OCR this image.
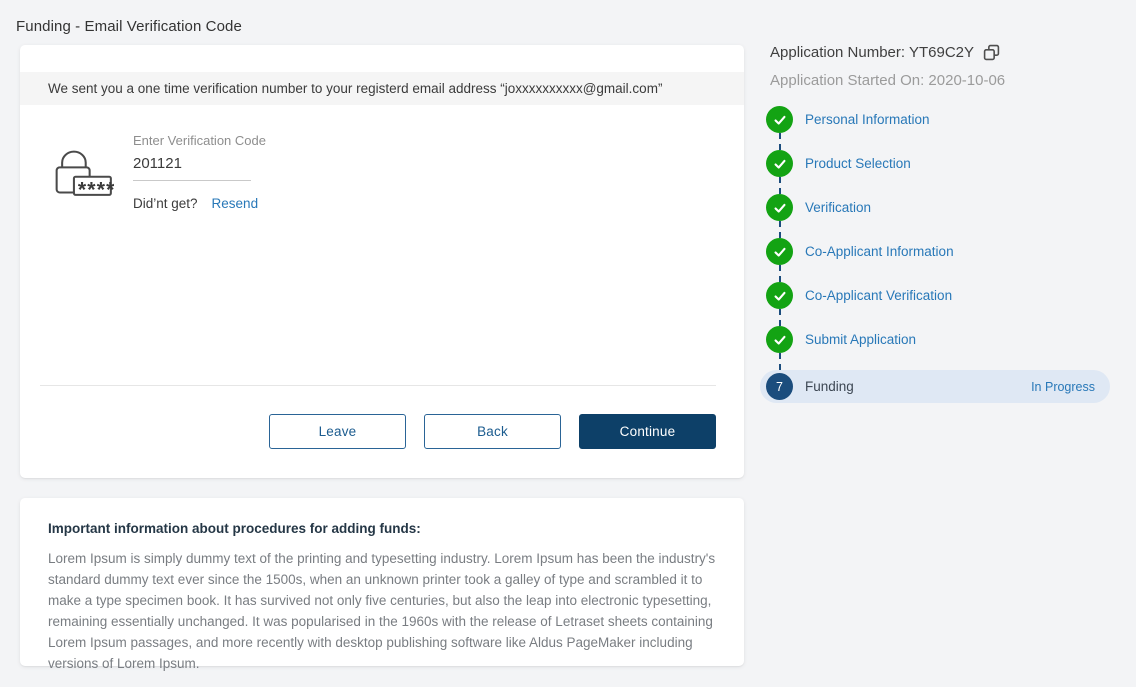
Funding - Email Verification Code
We sent you a one time verification number to your registerd email address “joxxxxxxxxxx@gmail.com”
****
Enter Verification Code
201121
Did’nt get? Resend
Leave	Back	Continue
Important information about procedures for adding funds:

Lorem Ipsum is simply dummy text of the printing and typesetting industry. Lorem Ipsum has been the industry's standard dummy text ever since the 1500s, when an unknown printer took a galley of type and scrambled it to make a type specimen book. It has survived not only five centuries, but also the leap into electronic typesetting, remaining essentially unchanged. It was popularised in the 1960s with the release of Letraset sheets containing Lorem Ipsum passages, and more recently with desktop publishing software like Aldus PageMaker including versions of Lorem Ipsum.

Application Number: YT69C2Y
Application Started On: 2020-10-06
Personal Information
Product Selection
Verification
Co-Applicant Information
Co-Applicant Verification
Submit Application
7	Funding	In Progress
